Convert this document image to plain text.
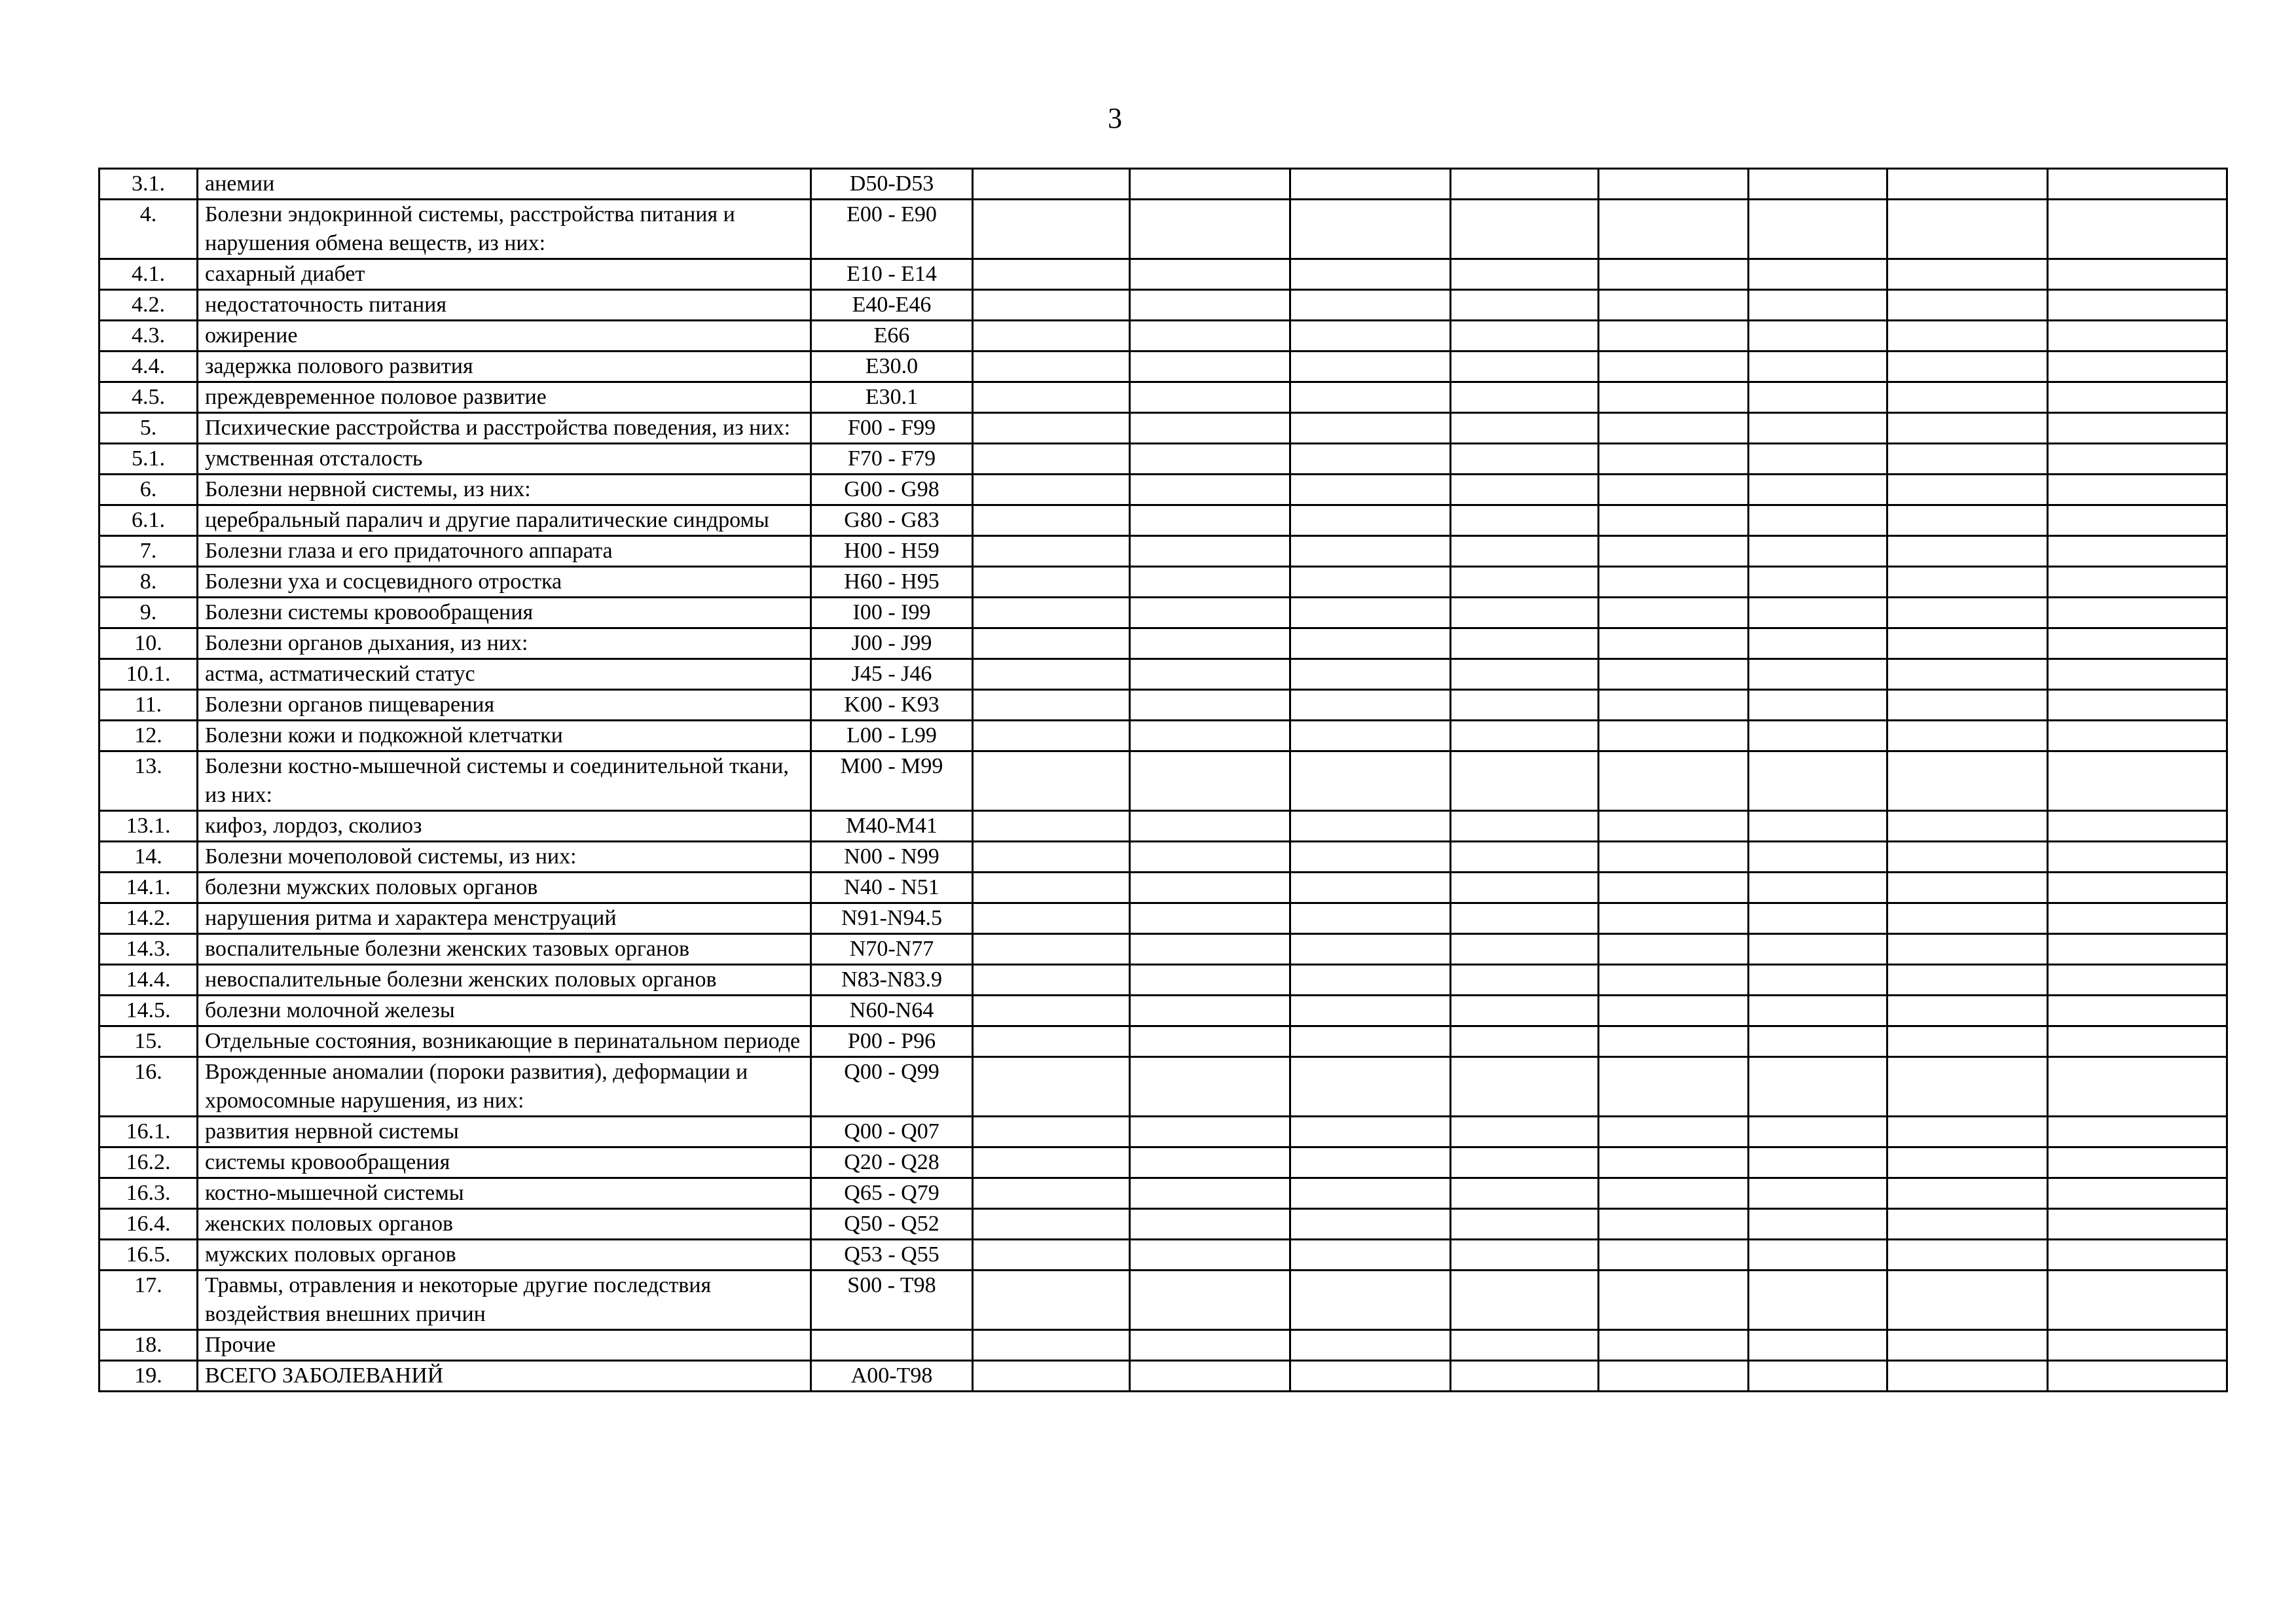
3
3.1.	анемии	D50-D53								
4.	Болезни эндокринной системы, расстройства питания и нарушения обмена веществ, из них:	E00 - E90								
4.1.	сахарный диабет	E10 - E14								
4.2.	недостаточность питания	E40-E46								
4.3.	ожирение	E66								
4.4.	задержка полового развития	E30.0								
4.5.	преждевременное половое развитие	E30.1								
5.	Психические расстройства и расстройства поведения, из них:	F00 - F99								
5.1.	умственная отсталость	F70 - F79								
6.	Болезни нервной системы, из них:	G00 - G98								
6.1.	церебральный паралич и другие паралитические синдромы	G80 - G83								
7.	Болезни глаза и его придаточного аппарата	H00 - H59								
8.	Болезни уха и сосцевидного отростка	H60 - H95								
9.	Болезни системы кровообращения	I00 - I99								
10.	Болезни органов дыхания, из них:	J00 - J99								
10.1.	астма, астматический статус	J45 - J46								
11.	Болезни органов пищеварения	K00 - K93								
12.	Болезни кожи и подкожной клетчатки	L00 - L99								
13.	Болезни костно-мышечной системы и соединительной ткани, из них:	M00 - M99								
13.1.	кифоз, лордоз, сколиоз	M40-M41								
14.	Болезни мочеполовой системы, из них:	N00 - N99								
14.1.	болезни мужских половых органов	N40 - N51								
14.2.	нарушения ритма и характера менструаций	N91-N94.5								
14.3.	воспалительные болезни женских тазовых органов	N70-N77								
14.4.	невоспалительные болезни женских половых органов	N83-N83.9								
14.5.	болезни молочной железы	N60-N64								
15.	Отдельные состояния, возникающие в перинатальном периоде	P00 - P96								
16.	Врожденные аномалии (пороки развития), деформации и хромосомные нарушения, из них:	Q00 - Q99								
16.1.	развития нервной системы	Q00 - Q07								
16.2.	системы кровообращения	Q20 - Q28								
16.3.	костно-мышечной системы	Q65 - Q79								
16.4.	женских половых органов	Q50 - Q52								
16.5.	мужских половых органов	Q53 - Q55								
17.	Травмы, отравления и некоторые другие последствия воздействия внешних причин	S00 - T98								
18.	Прочие									
19.	ВСЕГО ЗАБОЛЕВАНИЙ	A00-T98								
